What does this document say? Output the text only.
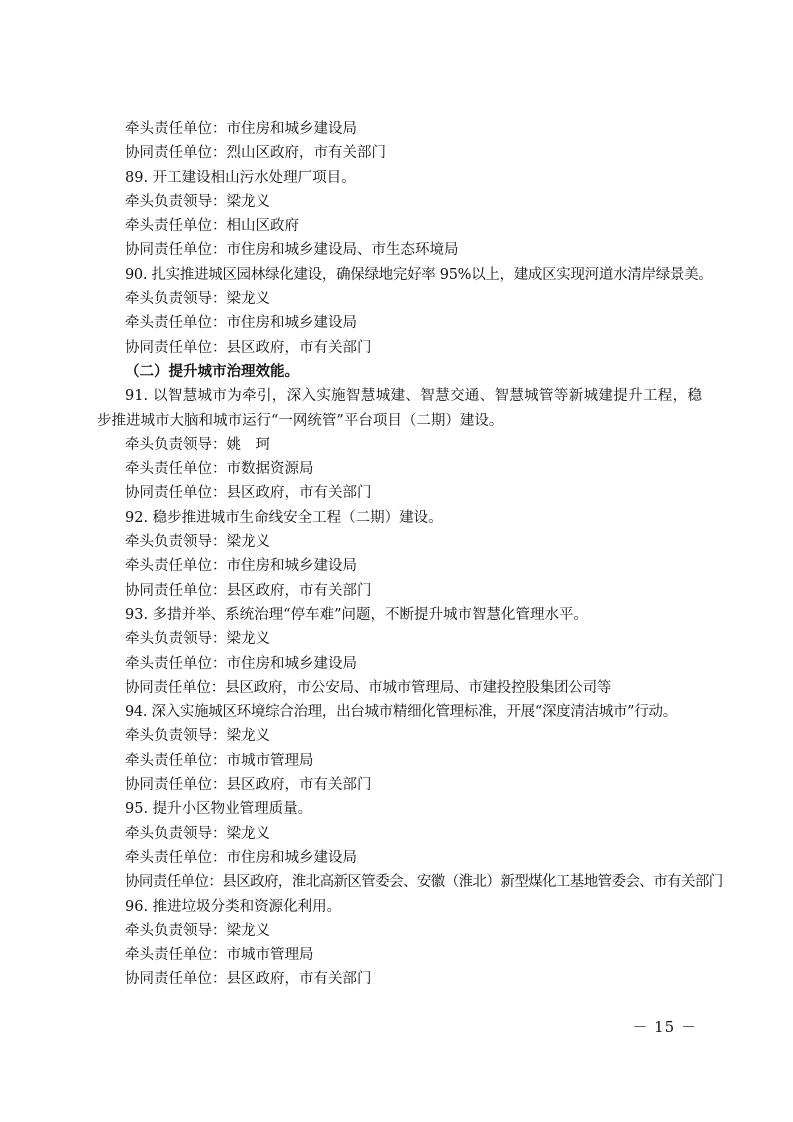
牵头责任单位：市住房和城乡建设局
协同责任单位：烈山区政府，市有关部门
89. 开工建设相山污水处理厂项目。
牵头负责领导：梁龙义
牵头责任单位：相山区政府
协同责任单位：市住房和城乡建设局、市生态环境局
90. 扎实推进城区园林绿化建设，确保绿地完好率 95%以上，建成区实现河道水清岸绿景美。
牵头负责领导：梁龙义
牵头责任单位：市住房和城乡建设局
协同责任单位：县区政府，市有关部门
（二）提升城市治理效能。
91. 以智慧城市为牵引，深入实施智慧城建、智慧交通、智慧城管等新城建提升工程，稳步推进城市大脑和城市运行“一网统管”平台项目（二期）建设。
牵头负责领导：姚　珂
牵头责任单位：市数据资源局
协同责任单位：县区政府，市有关部门
92. 稳步推进城市生命线安全工程（二期）建设。
牵头负责领导：梁龙义
牵头责任单位：市住房和城乡建设局
协同责任单位：县区政府，市有关部门
93. 多措并举、系统治理“停车难”问题，不断提升城市智慧化管理水平。
牵头负责领导：梁龙义
牵头责任单位：市住房和城乡建设局
协同责任单位：县区政府，市公安局、市城市管理局、市建投控股集团公司等
94. 深入实施城区环境综合治理，出台城市精细化管理标准，开展“深度清洁城市”行动。
牵头负责领导：梁龙义
牵头责任单位：市城市管理局
协同责任单位：县区政府，市有关部门
95. 提升小区物业管理质量。
牵头负责领导：梁龙义
牵头责任单位：市住房和城乡建设局
协同责任单位：县区政府，淮北高新区管委会、安徽（淮北）新型煤化工基地管委会、市有关部门
96. 推进垃圾分类和资源化利用。
牵头负责领导：梁龙义
牵头责任单位：市城市管理局
协同责任单位：县区政府，市有关部门
－ 15 －
